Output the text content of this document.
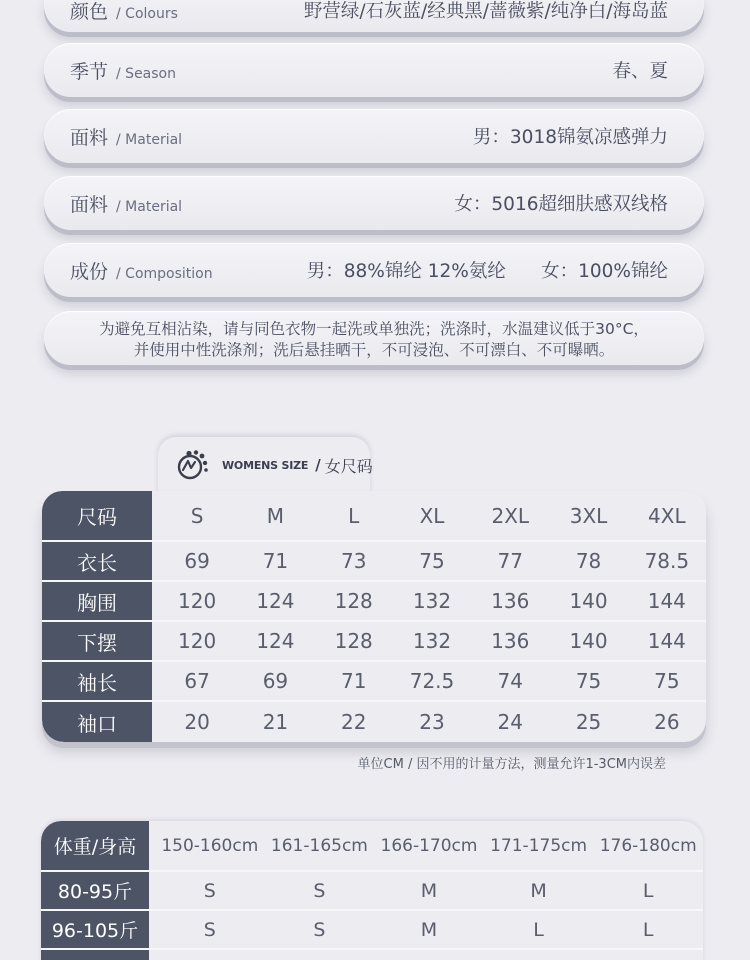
颜色 / Colours	野营绿/石灰蓝/经典黑/蔷薇紫/纯净白/海岛蓝
季节 / Season	春、夏
面料 / Material	男：3018锦氨凉感弹力
面料 / Material	女：5016超细肤感双线格
成份 / Composition	男：88%锦纶 12%氨纶      女：100%锦纶
为避免互相沾染，请与同色衣物一起洗或单独洗；洗涤时，水温建议低于30°C，
并使用中性洗涤剂；洗后悬挂晒干，不可浸泡、不可漂白、不可曝晒。
WOMENS SIZE / 女尺码
尺码	S	M	L	XL	2XL	3XL	4XL
衣长	69	71	73	75	77	78	78.5
胸围	120	124	128	132	136	140	144
下摆	120	124	128	132	136	140	144
袖长	67	69	71	72.5	74	75	75
袖口	20	21	22	23	24	25	26
单位CM / 因不用的计量方法，测量允许1-3CM内误差
体重/身高	150-160cm 161-165cm 166-170cm 171-175cm 176-180cm
80-95斤	S	S	M	M	L
96-105斤	S	S	M	L	L
